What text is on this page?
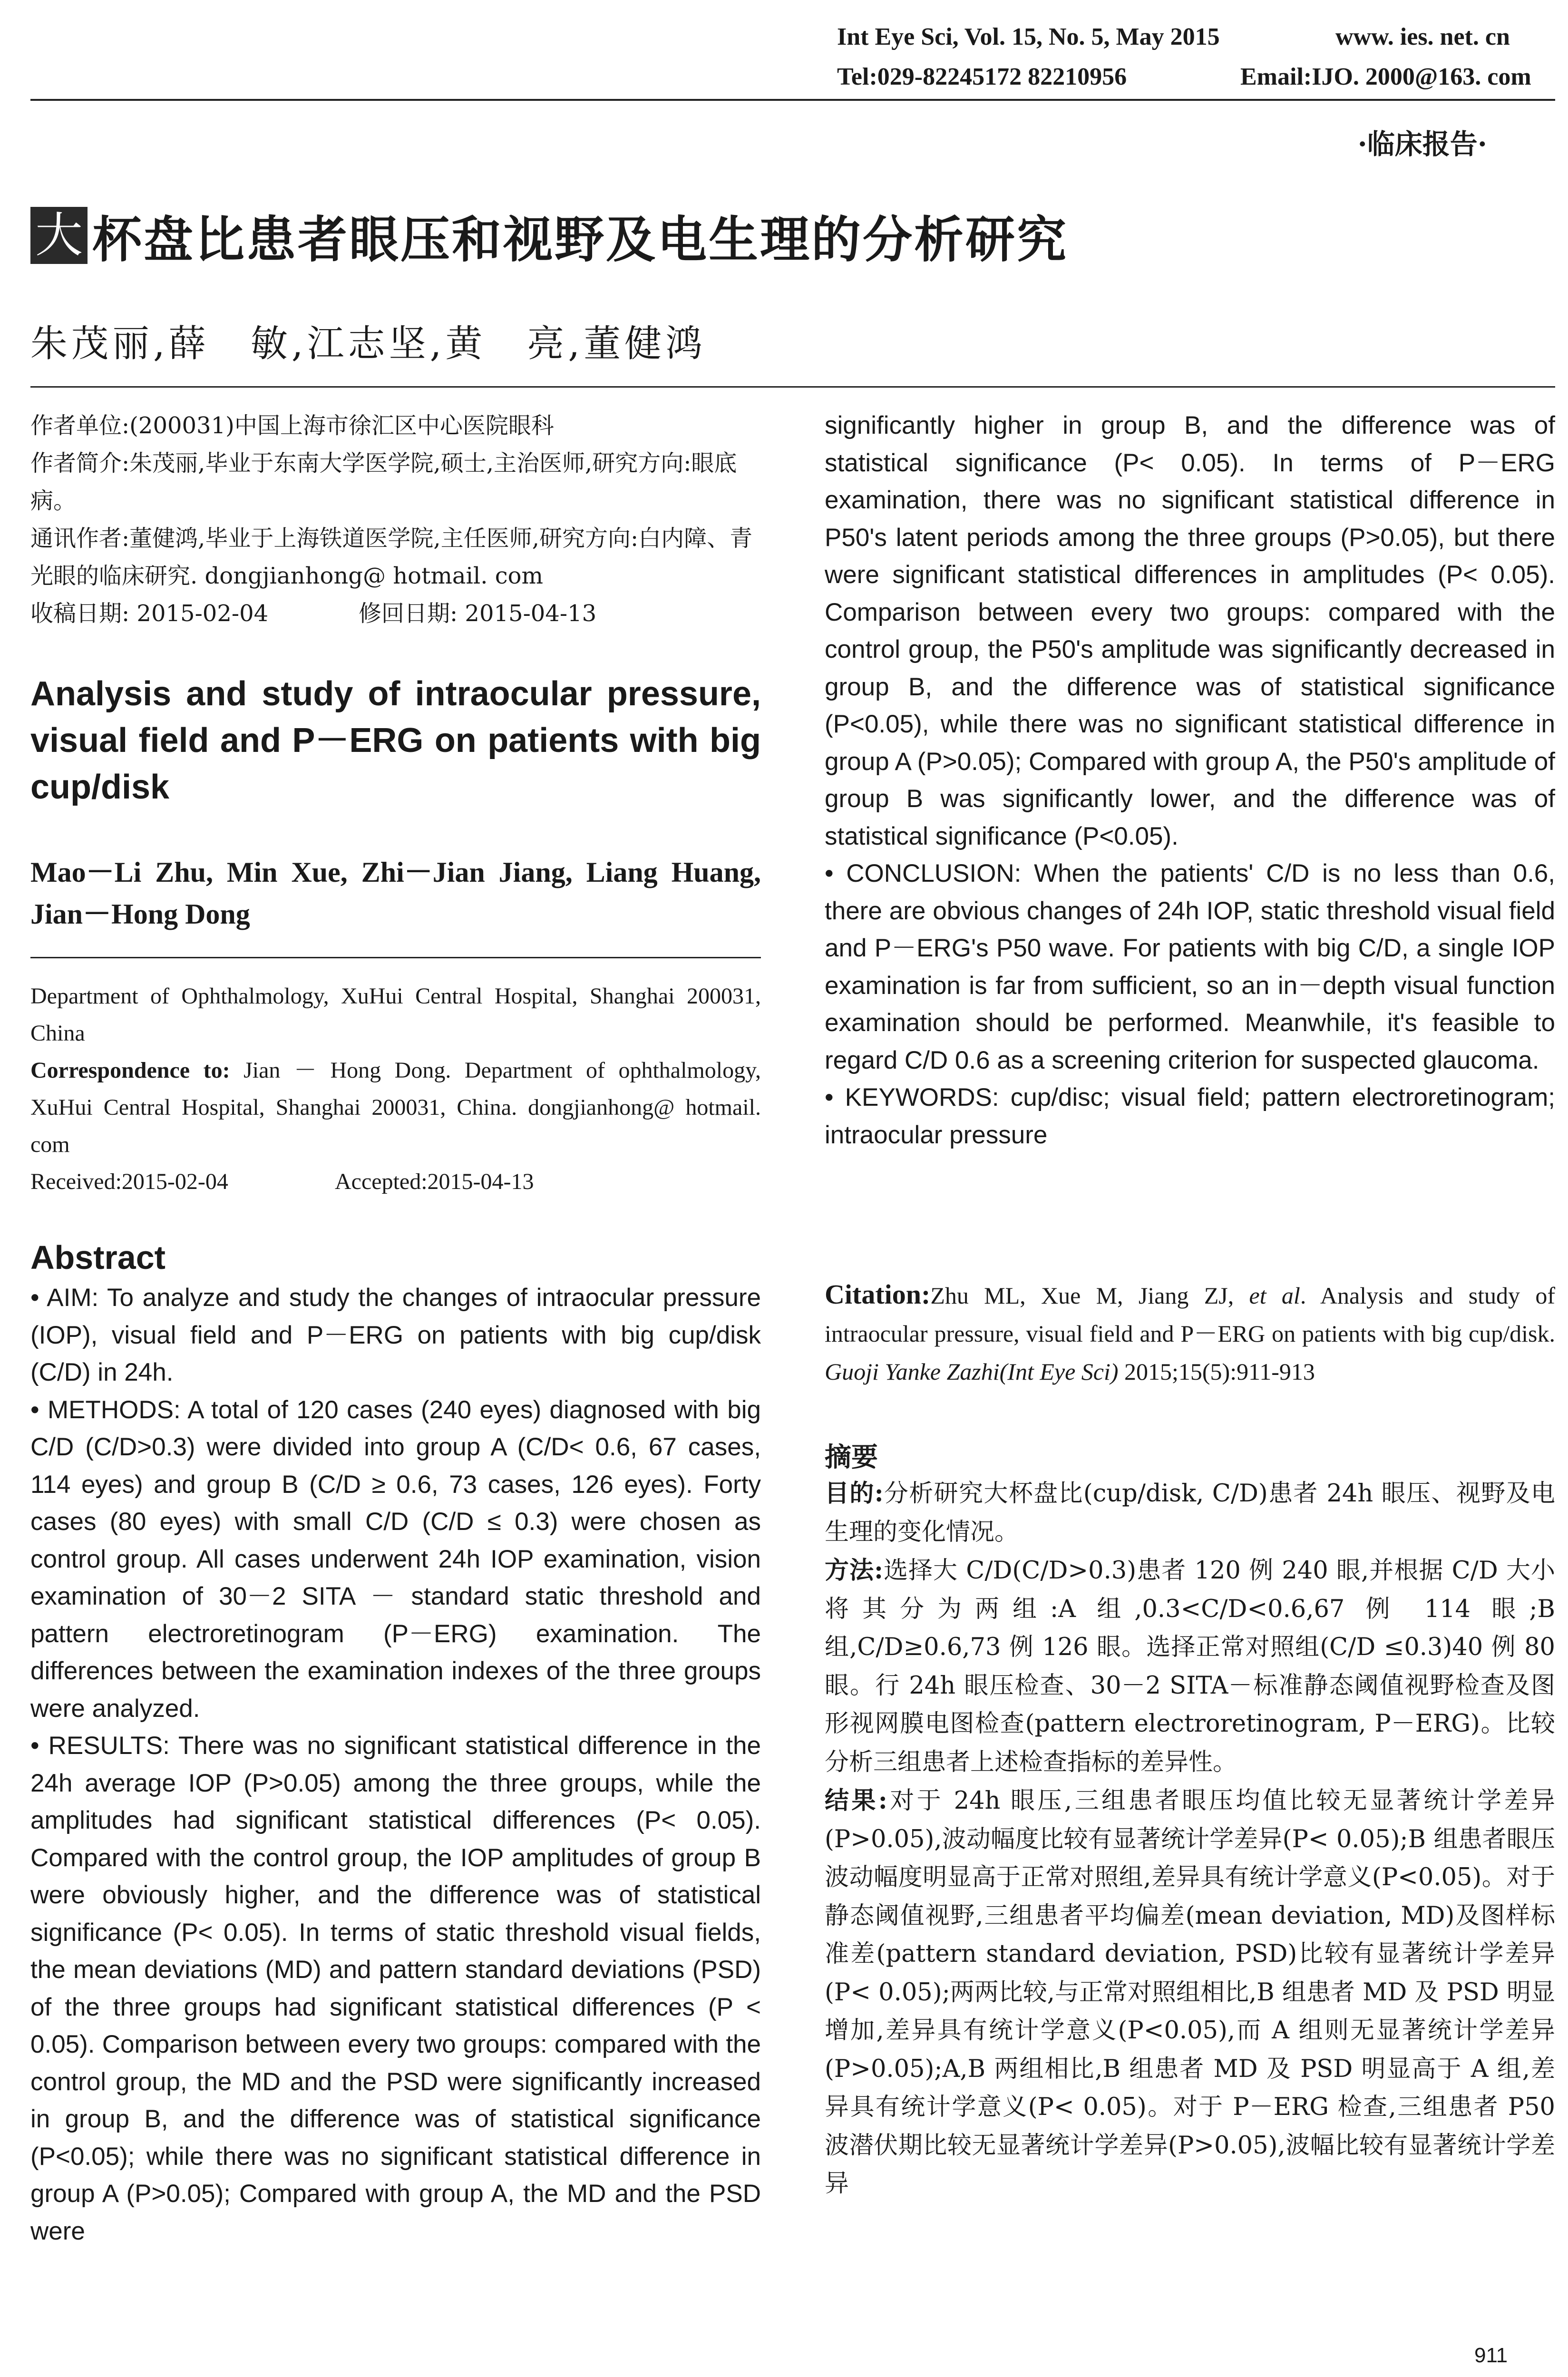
Int Eye Sci, Vol. 15, No. 5, May 2015	www. ies. net. cn
Tel:029-82245172 82210956	Email:IJO. 2000@163. com
·临床报告·
大 杯盘比患者眼压和视野及电生理的分析研究
朱茂丽,薛　敏,江志坚,黄　亮,董健鸿

作者单位:(200031)中国上海市徐汇区中心医院眼科

作者简介:朱茂丽,毕业于东南大学医学院,硕士,主治医师,研究方向:眼底病。

通讯作者:董健鸿,毕业于上海铁道医学院,主任医师,研究方向:白内障、青光眼的临床研究. dongjianhong@ hotmail. com

收稿日期: 2015-02-04	修回日期: 2015-04-13

Analysis and study of intraocular pressure, visual field and P－ERG on patients with big cup/disk
Mao－Li Zhu, Min Xue, Zhi－Jian Jiang, Liang Huang, Jian－Hong Dong

Department of Ophthalmology, XuHui Central Hospital, Shanghai 200031, China

Correspondence to: Jian － Hong Dong. Department of ophthalmology, XuHui Central Hospital, Shanghai 200031, China. dongjianhong@ hotmail. com

Received:2015-02-04	Accepted:2015-04-13

Abstract

• AIM: To analyze and study the changes of intraocular pressure (IOP), visual field and P－ERG on patients with big cup/disk (C/D) in 24h.

• METHODS: A total of 120 cases (240 eyes) diagnosed with big C/D (C/D>0.3) were divided into group A (C/D< 0.6, 67 cases, 114 eyes) and group B (C/D ≥ 0.6, 73 cases, 126 eyes). Forty cases (80 eyes) with small C/D (C/D ≤ 0.3) were chosen as control group. All cases underwent 24h IOP examination, vision examination of 30－2 SITA － standard static threshold and pattern electroretinogram (P－ERG) examination. The differences between the examination indexes of the three groups were analyzed.

• RESULTS: There was no significant statistical difference in the 24h average IOP (P>0.05) among the three groups, while the amplitudes had significant statistical differences (P< 0.05). Compared with the control group, the IOP amplitudes of group B were obviously higher, and the difference was of statistical significance (P< 0.05). In terms of static threshold visual fields, the mean deviations (MD) and pattern standard deviations (PSD) of the three groups had significant statistical differences (P < 0.05). Comparison between every two groups: compared with the control group, the MD and the PSD were significantly increased in group B, and the difference was of statistical significance (P<0.05); while there was no significant statistical difference in group A (P>0.05); Compared with group A, the MD and the PSD were

significantly higher in group B, and the difference was of statistical significance (P< 0.05). In terms of P－ERG examination, there was no significant statistical difference in P50's latent periods among the three groups (P>0.05), but there were significant statistical differences in amplitudes (P< 0.05). Comparison between every two groups: compared with the control group, the P50's amplitude was significantly decreased in group B, and the difference was of statistical significance (P<0.05), while there was no significant statistical difference in group A (P>0.05); Compared with group A, the P50's amplitude of group B was significantly lower, and the difference was of statistical significance (P<0.05).

• CONCLUSION: When the patients' C/D is no less than 0.6, there are obvious changes of 24h IOP, static threshold visual field and P－ERG's P50 wave. For patients with big C/D, a single IOP examination is far from sufficient, so an in－depth visual function examination should be performed. Meanwhile, it's feasible to regard C/D 0.6 as a screening criterion for suspected glaucoma.

• KEYWORDS: cup/disc; visual field; pattern electroretinogram; intraocular pressure

Citation:Zhu ML, Xue M, Jiang ZJ, et al. Analysis and study of intraocular pressure, visual field and P－ERG on patients with big cup/disk. Guoji Yanke Zazhi(Int Eye Sci) 2015;15(5):911-913
摘要

目的:分析研究大杯盘比(cup/disk, C/D)患者 24h 眼压、视野及电生理的变化情况。

方法:选择大 C/D(C/D>0.3)患者 120 例 240 眼,并根据 C/D 大小将其分为两组:A 组,0.3<C/D<0.6,67 例 114 眼;B 组,C/D≥0.6,73 例 126 眼。选择正常对照组(C/D ≤0.3)40 例 80 眼。行 24h 眼压检查、30－2 SITA－标准静态阈值视野检查及图形视网膜电图检查(pattern electroretinogram, P－ERG)。比较分析三组患者上述检查指标的差异性。

结果:对于 24h 眼压,三组患者眼压均值比较无显著统计学差异(P>0.05),波动幅度比较有显著统计学差异(P< 0.05);B 组患者眼压波动幅度明显高于正常对照组,差异具有统计学意义(P<0.05)。对于静态阈值视野,三组患者平均偏差(mean deviation, MD)及图样标准差(pattern standard deviation, PSD)比较有显著统计学差异(P< 0.05);两两比较,与正常对照组相比,B 组患者 MD 及 PSD 明显增加,差异具有统计学意义(P<0.05),而 A 组则无显著统计学差异(P>0.05);A,B 两组相比,B 组患者 MD 及 PSD 明显高于 A 组,差异具有统计学意义(P< 0.05)。对于 P－ERG 检查,三组患者 P50 波潜伏期比较无显著统计学差异(P>0.05),波幅比较有显著统计学差异

911
